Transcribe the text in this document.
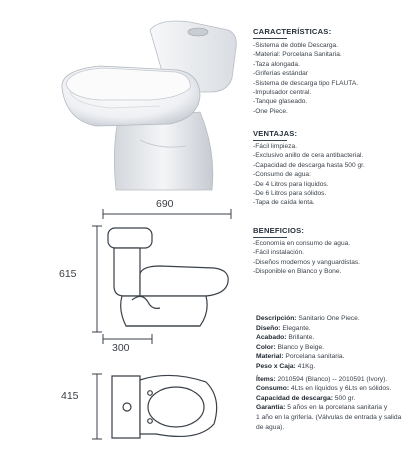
CARACTERÍSTICAS:
-Sistema de doble Descarga.
-Material: Porcelana Sanitaria.
-Taza alongada.
-Griferías estándar
-Sistema de descarga tipo FLAUTA.
-Impulsador central.
-Tanque glaseado.
-One Piece.
VENTAJAS:
-Fácil limpieza.
-Exclusivo anillo de cera antibacterial.
-Capacidad de descarga hasta 500 gr.
-Consumo de agua:
-De 4 Litros para líquidos.
-De 6 Litros para sólidos.
-Tapa de caída lenta.
BENEFICIOS:
-Economía en consumo de agua.
-Fácil instalación.
-Diseños modernos y vanguardistas.
-Disponible en Blanco y Bone.
Descripción: Sanitario One Piece.
Diseño: Elegante.
Acabado: Brillante.
Color: Blanco y Beige.
Material: Porcelana sanitaria.
Peso x Caja: 41Kg.
Ítems: 2010594 (Blanco) -- 2010591 (Ivory).
Consumo: 4Lts en líquidos y 6Lts en sólidos.
Capacidad de descarga: 500 gr.
Garantía: 5 años en la porcelana sanitaria y
1 año en la grifería. (Válvulas de entrada y salida
de agua).
690
615
300
415
